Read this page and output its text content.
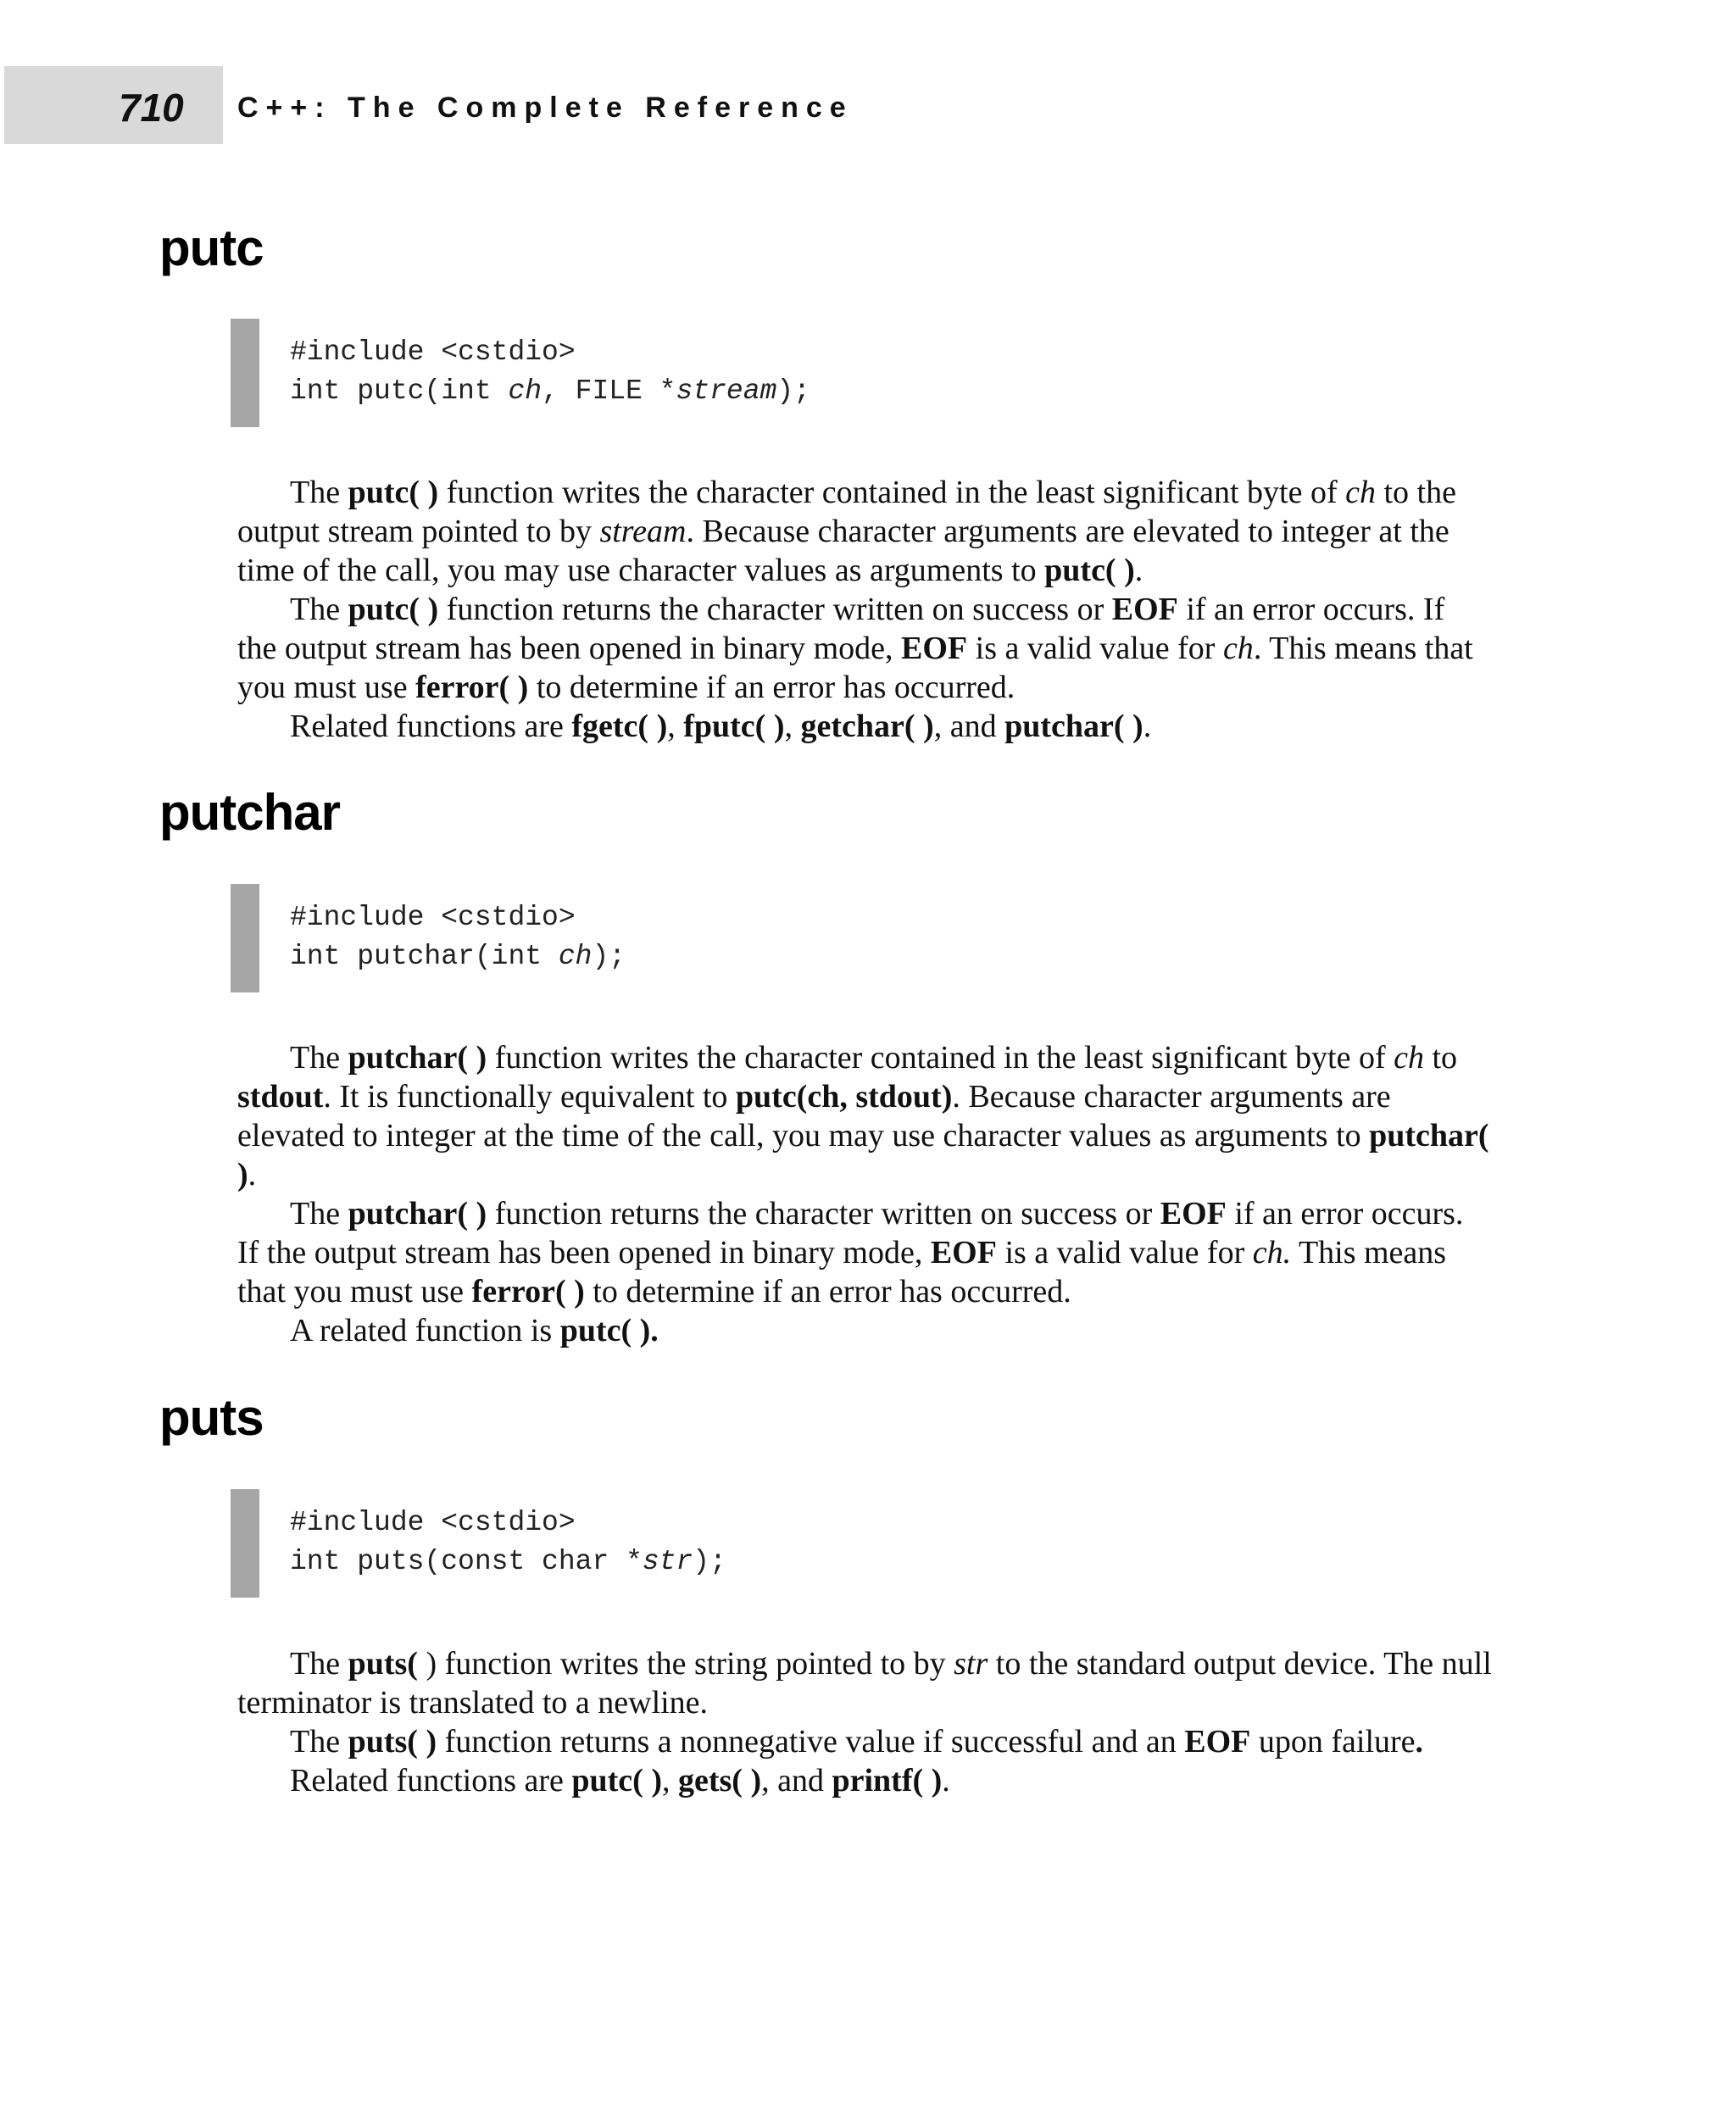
710 C++: The Complete Reference
putc
#include <cstdio>
int putc(int ch, FILE *stream);

The putc( ) function writes the character contained in the least significant byte of ch to the output stream pointed to by stream. Because character arguments are elevated to integer at the time of the call, you may use character values as arguments to putc( ).

The putc( ) function returns the character written on success or EOF if an error occurs. If the output stream has been opened in binary mode, EOF is a valid value for ch. This means that you must use ferror( ) to determine if an error has occurred.

Related functions are fgetc( ), fputc( ), getchar( ), and putchar( ).

putchar
#include <cstdio>
int putchar(int ch);

The putchar( ) function writes the character contained in the least significant byte of ch to stdout. It is functionally equivalent to putc(ch, stdout). Because character arguments are elevated to integer at the time of the call, you may use character values as arguments to putchar( ).

The putchar( ) function returns the character written on success or EOF if an error occurs. If the output stream has been opened in binary mode, EOF is a valid value for ch. This means that you must use ferror( ) to determine if an error has occurred.

A related function is putc( ).

puts
#include <cstdio>
int puts(const char *str);

The puts( ) function writes the string pointed to by str to the standard output device. The null terminator is translated to a newline.

The puts( ) function returns a nonnegative value if successful and an EOF upon failure.

Related functions are putc( ), gets( ), and printf( ).
